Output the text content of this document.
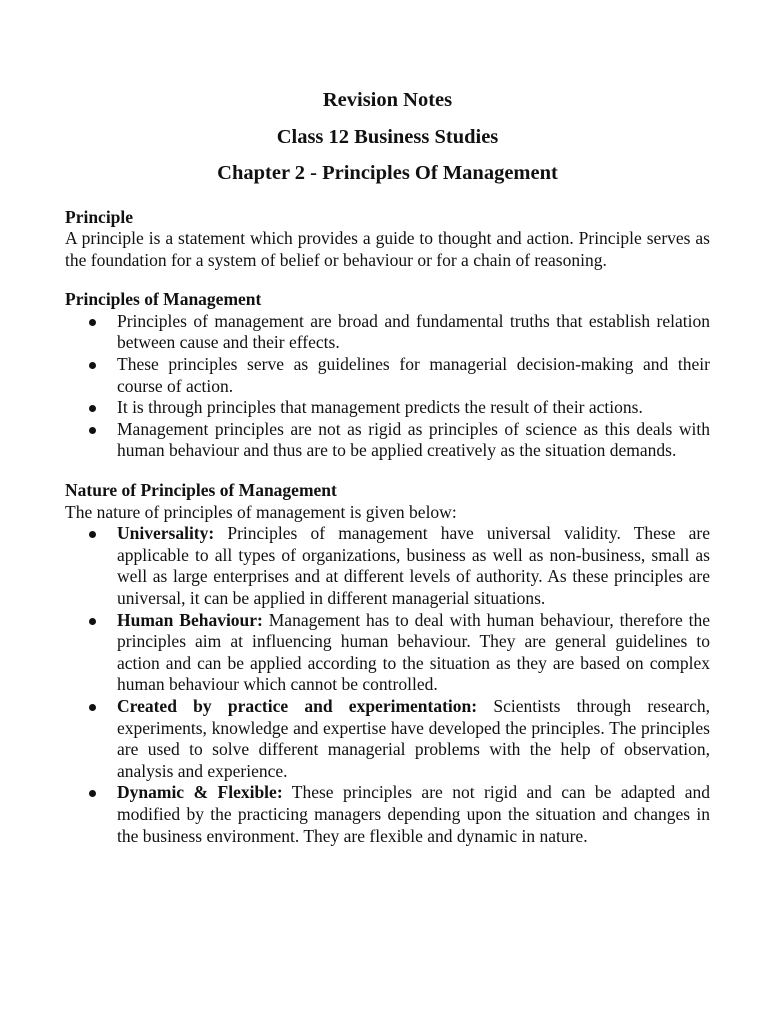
Revision Notes
Class 12 Business Studies
Chapter 2 - Principles Of Management
Principle
A principle is a statement which provides a guide to thought and action. Principle serves as the foundation for a system of belief or behaviour or for a chain of reasoning.
Principles of Management
Principles of management are broad and fundamental truths that establish relation between cause and their effects.
These principles serve as guidelines for managerial decision-making and their course of action.
It is through principles that management predicts the result of their actions.
Management principles are not as rigid as principles of science as this deals with human behaviour and thus are to be applied creatively as the situation demands.
Nature of Principles of Management
The nature of principles of management is given below:
Universality: Principles of management have universal validity. These are applicable to all types of organizations, business as well as non-business, small as well as large enterprises and at different levels of authority. As these principles are universal, it can be applied in different managerial situations.
Human Behaviour: Management has to deal with human behaviour, therefore the principles aim at influencing human behaviour. They are general guidelines to action and can be applied according to the situation as they are based on complex human behaviour which cannot be controlled.
Created by practice and experimentation: Scientists through research, experiments, knowledge and expertise have developed the principles. The principles are used to solve different managerial problems with the help of observation, analysis and experience.
Dynamic & Flexible: These principles are not rigid and can be adapted and modified by the practicing managers depending upon the situation and changes in the business environment. They are flexible and dynamic in nature.
